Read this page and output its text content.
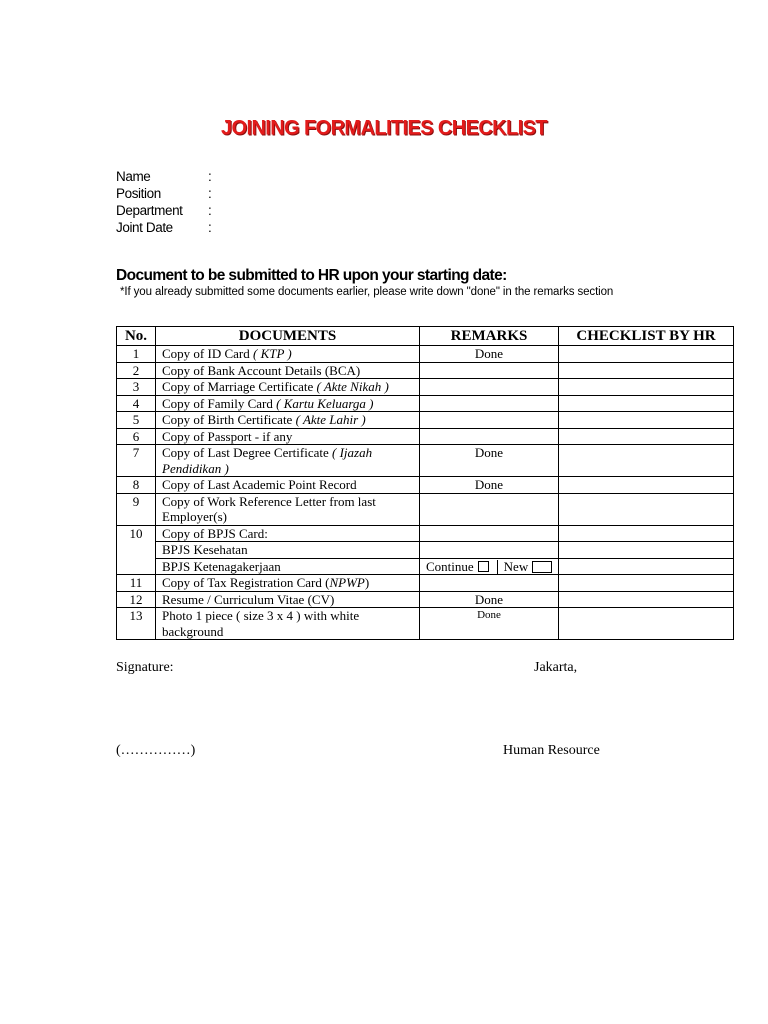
JOINING FORMALITIES CHECKLIST
Name	:
Position	:
Department :
Joint Date	:
Document to be submitted to HR upon your starting date:
*If you already submitted some documents earlier, please write down "done" in the remarks section
No.	DOCUMENTS	REMARKS	CHECKLIST BY HR
1	Copy of ID Card ( KTP )	Done	
2	Copy of Bank Account Details (BCA)		
3	Copy of Marriage Certificate ( Akte Nikah )		
4	Copy of Family Card ( Kartu Keluarga )		
5	Copy of Birth Certificate ( Akte Lahir )		
6	Copy of Passport - if any		
7	Copy of Last Degree Certificate ( Ijazah Pendidikan )	Done	
8	Copy of Last Academic Point Record	Done	
9	Copy of Work Reference Letter from last Employer(s)		
10	Copy of BPJS Card:		
	BPJS Kesehatan		
	BPJS Ketenagakerjaan	Continue New	
11	Copy of Tax Registration Card (NPWP)		
12	Resume / Curriculum Vitae (CV)	Done	
13	Photo 1 piece ( size 3 x 4 ) with white background	Done	
Signature:	Jakarta,
(……………)	Human Resource
